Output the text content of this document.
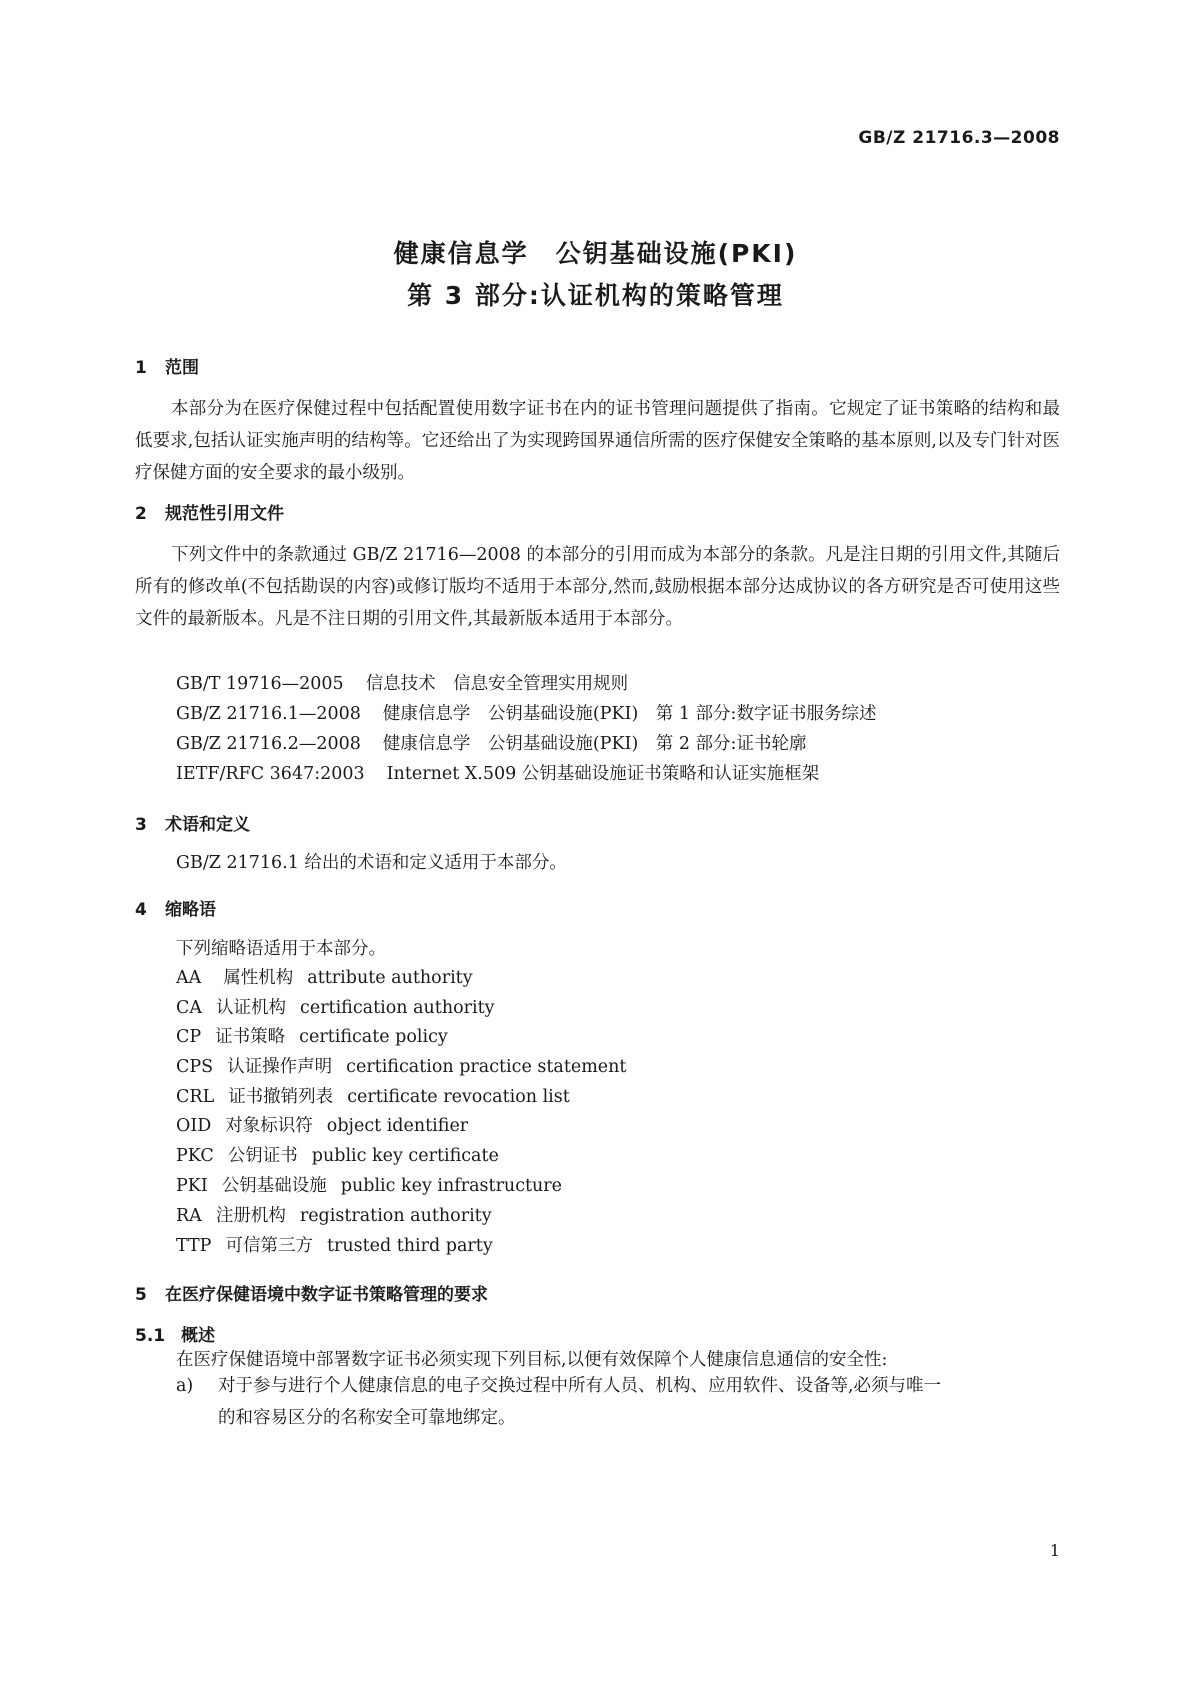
GB/Z 21716.3—2008
健康信息学　公钥基础设施(PKI)
第 3 部分:认证机构的策略管理
1 范围
本部分为在医疗保健过程中包括配置使用数字证书在内的证书管理问题提供了指南。它规定了证书策略的结构和最低要求,包括认证实施声明的结构等。它还给出了为实现跨国界通信所需的医疗保健安全策略的基本原则,以及专门针对医疗保健方面的安全要求的最小级别。
2 规范性引用文件
下列文件中的条款通过 GB/Z 21716—2008 的本部分的引用而成为本部分的条款。凡是注日期的引用文件,其随后所有的修改单(不包括勘误的内容)或修订版均不适用于本部分,然而,鼓励根据本部分达成协议的各方研究是否可使用这些文件的最新版本。凡是不注日期的引用文件,其最新版本适用于本部分。
GB/T 19716—2005 信息技术　信息安全管理实用规则
GB/Z 21716.1—2008 健康信息学　公钥基础设施(PKI)　第 1 部分:数字证书服务综述
GB/Z 21716.2—2008 健康信息学　公钥基础设施(PKI)　第 2 部分:证书轮廓
IETF/RFC 3647:2003 Internet X.509 公钥基础设施证书策略和认证实施框架
3 术语和定义
GB/Z 21716.1 给出的术语和定义适用于本部分。
4 缩略语
下列缩略语适用于本部分。
AA 属性机构 attribute authority
CA 认证机构 certification authority
CP 证书策略 certificate policy
CPS 认证操作声明 certification practice statement
CRL 证书撤销列表 certificate revocation list
OID 对象标识符 object identifier
PKC 公钥证书 public key certificate
PKI 公钥基础设施 public key infrastructure
RA 注册机构 registration authority
TTP 可信第三方 trusted third party
5 在医疗保健语境中数字证书策略管理的要求
5.1 概述
在医疗保健语境中部署数字证书必须实现下列目标,以便有效保障个人健康信息通信的安全性:
a) 对于参与进行个人健康信息的电子交换过程中所有人员、机构、应用软件、设备等,必须与唯一
的和容易区分的名称安全可靠地绑定。
1
